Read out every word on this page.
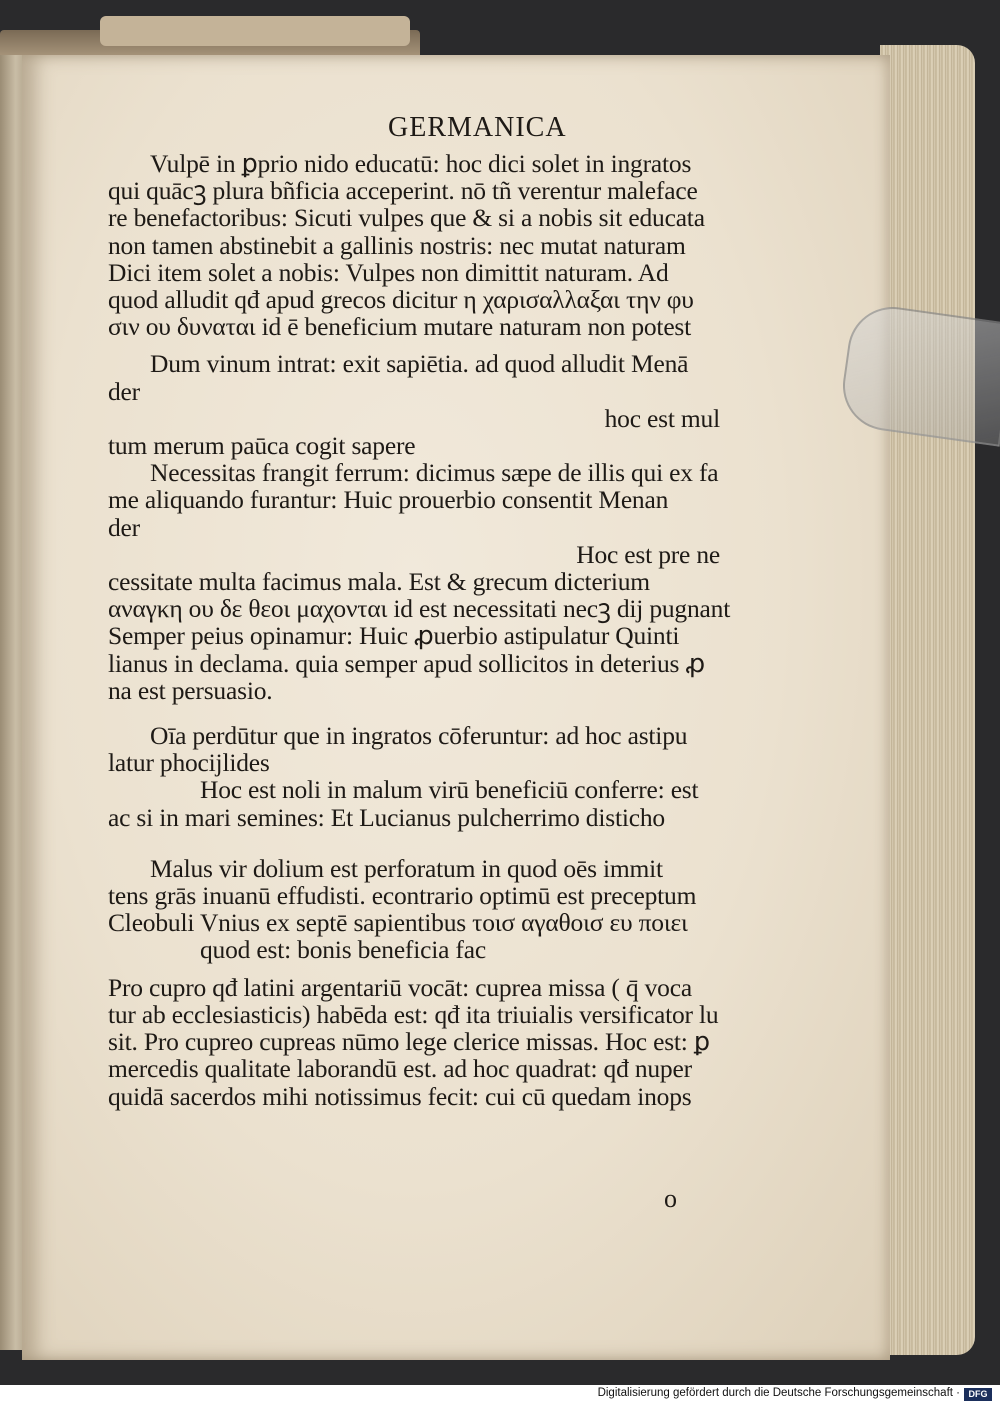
GERMANICA
Vulpē in ꝑprio nido educatū: hoc dici solet in ingratos
qui quācꝫ plura bñficia acceperint. nō tñ verentur maleface
re benefactoribus: Sicuti vulpes que & si a nobis sit educata
non tamen abstinebit a gallinis nostris: nec mutat naturam
Dici item solet a nobis: Vulpes non dimittit naturam. Ad
quod alludit qđ apud grecos dicitur η χαρισαλλαξαι την φυ
σιν ου δυναται id ē beneficium mutare naturam non potest
Dum vinum intrat: exit sapiētia. ad quod alludit Menā
der
hoc est mul
tum merum paūca cogit sapere
Necessitas frangit ferrum: dicimus sæpe de illis qui ex fa
me aliquando furantur: Huic prouerbio consentit Menan
der
Hoc est pre ne
cessitate multa facimus mala. Est & grecum dicterium
αναγκη ου δε θεοι μαχονται id est necessitati necꝫ dij pugnant
Semper peius opinamur: Huic ꝓuerbio astipulatur Quinti
lianus in declama. quia semper apud sollicitos in deterius ꝓ
na est persuasio.
Oīa perdūtur que in ingratos cōferuntur: ad hoc astipu
latur phocijlides
Hoc est noli in malum virū beneficiū conferre: est
ac si in mari semines: Et Lucianus pulcherrimo disticho
Malus vir dolium est perforatum in quod oēs immit
tens grās inuanū effudisti. econtrario optimū est preceptum
Cleobuli Vnius ex septē sapientibus τοισ αγαθοισ ευ ποιει
quod est: bonis beneficia fac
Pro cupro qđ latini argentariū vocāt: cuprea missa ( q̄ voca
tur ab ecclesiasticis) habēda est: qđ ita triuialis versificator lu
sit. Pro cupreo cupreas nūmo lege clerice missas. Hoc est: ꝑ
mercedis qualitate laborandū est. ad hoc quadrat: qđ nuper
quidā sacerdos mihi notissimus fecit: cui cū quedam inops
o
Digitalisierung gefördert durch die Deutsche Forschungsgemeinschaft · DFG
